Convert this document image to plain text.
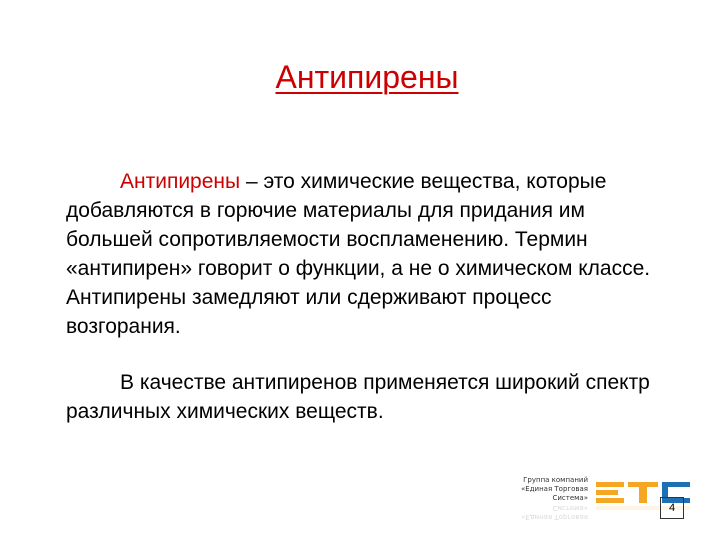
Антипирены

Антипирены – это химические вещества, которые добавляются в горючие материалы для придания им большей сопротивляемости воспламенению. Термин «антипирен» говорит о функции, а не о химическом классе. Антипирены замедляют или сдерживают процесс возгорания.

В качестве антипиренов применяется широкий спектр различных химических веществ.

Группа компаний
«Единая Торговая Система»
«Единая Торговая Система»	4
